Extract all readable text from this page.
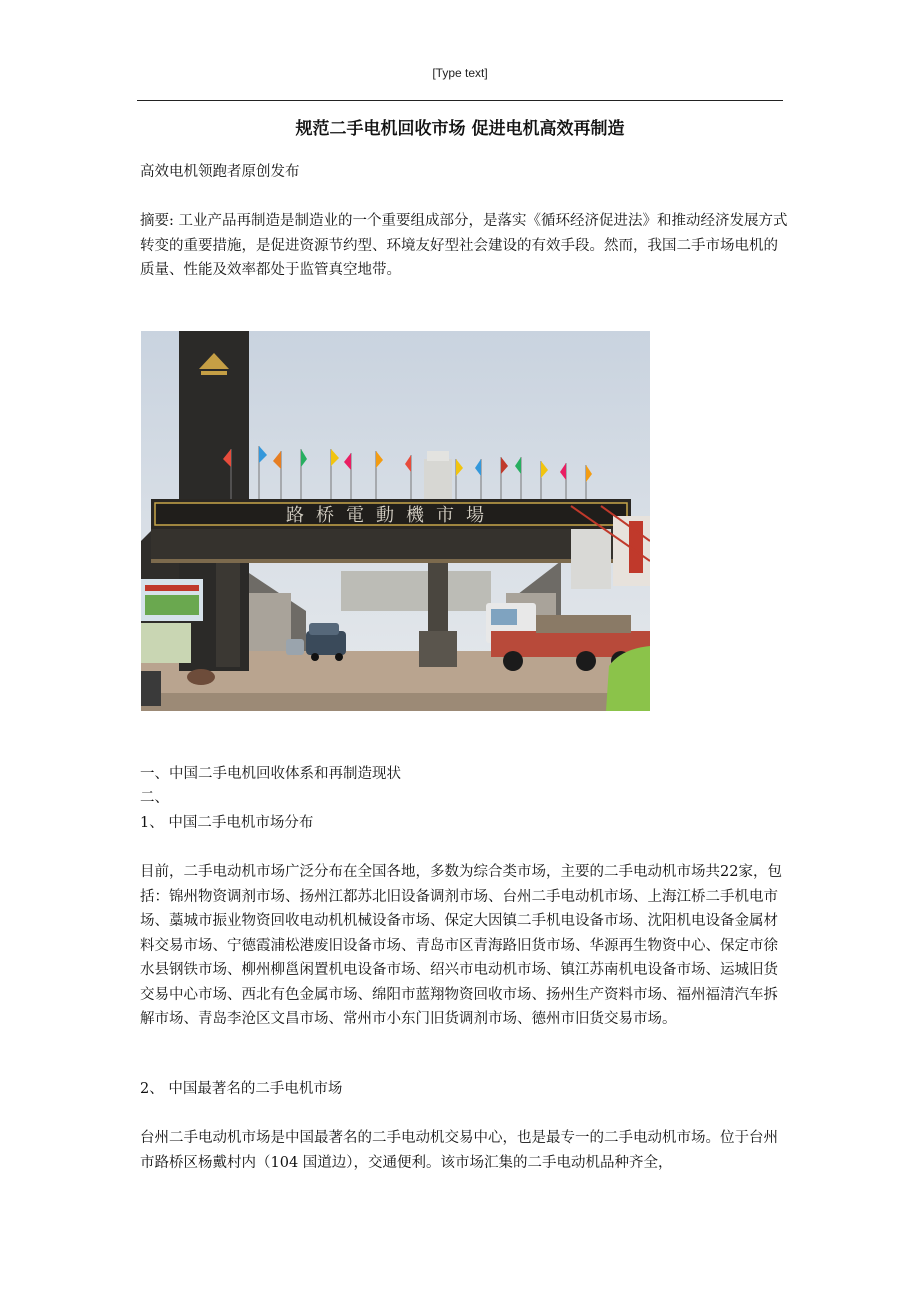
[Type text]
规范二手电机回收市场 促进电机高效再制造

高效电机领跑者原创发布

摘要: 工业产品再制造是制造业的一个重要组成部分，是落实《循环经济促进法》和推动经济发展方式转变的重要措施，是促进资源节约型、环境友好型社会建设的有效手段。然而，我国二手市场电机的质量、性能及效率都处于监管真空地带。

路桥電動機市場

一、中国二手电机回收体系和再制造现状

二、

1、 中国二手电机市场分布

目前，二手电动机市场广泛分布在全国各地，多数为综合类市场，主要的二手电动机市场共22家，包括：锦州物资调剂市场、扬州江都苏北旧设备调剂市场、台州二手电动机市场、上海江桥二手机电市场、藁城市振业物资回收电动机机械设备市场、保定大因镇二手机电设备市场、沈阳机电设备金属材料交易市场、宁德霞浦松港废旧设备市场、青岛市区青海路旧货市场、华源再生物资中心、保定市徐水县钢铁市场、柳州柳邕闲置机电设备市场、绍兴市电动机市场、镇江苏南机电设备市场、运城旧货交易中心市场、西北有色金属市场、绵阳市蓝翔物资回收市场、扬州生产资料市场、福州福清汽车拆解市场、青岛李沧区文昌市场、常州市小东门旧货调剂市场、德州市旧货交易市场。

2、 中国最著名的二手电机市场

台州二手电动机市场是中国最著名的二手电动机交易中心，也是最专一的二手电动机市场。位于台州市路桥区杨戴村内（104 国道边），交通便利。该市场汇集的二手电动机品种齐全，
